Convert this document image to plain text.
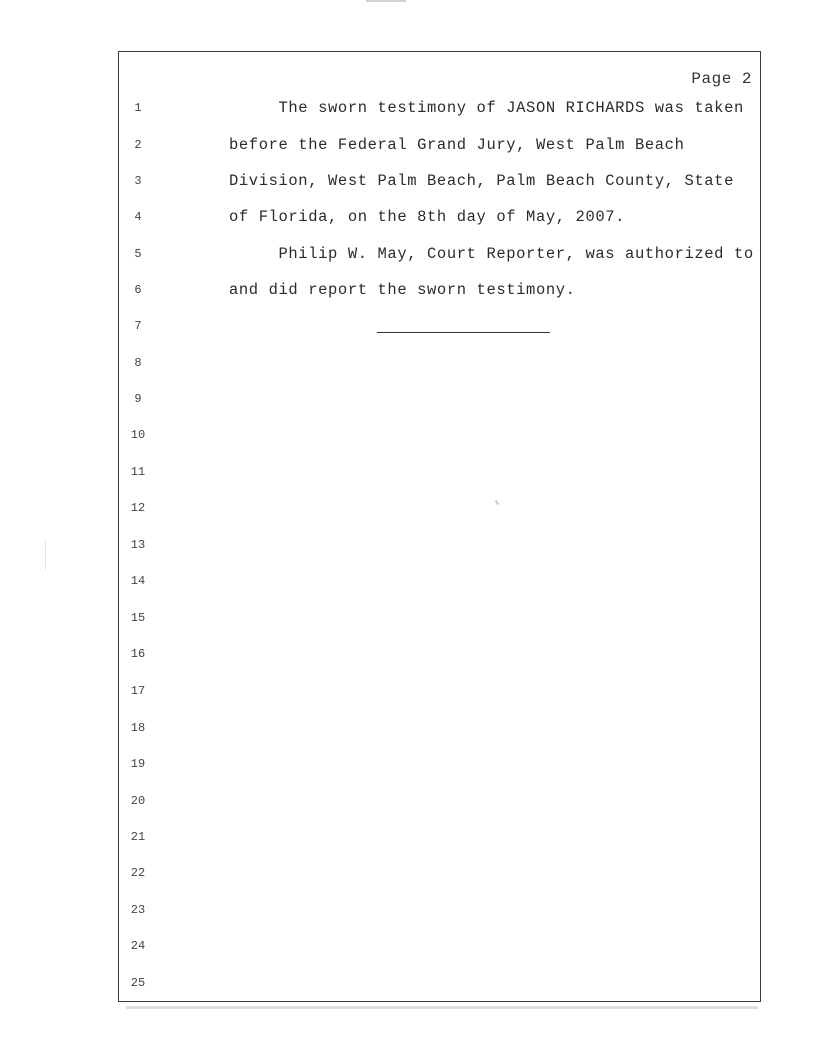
Page 2
1
2
3
4
5
6
7
8
9
10
11
12
13
14
15
16
17
18
19
20
21
22
23
24
25
The sworn testimony of JASON RICHARDS was taken
before the Federal Grand Jury, West Palm Beach
Division, West Palm Beach, Palm Beach County, State
of Florida, on the 8th day of May, 2007.
Philip W. May, Court Reporter, was authorized to
and did report the sworn testimony.
